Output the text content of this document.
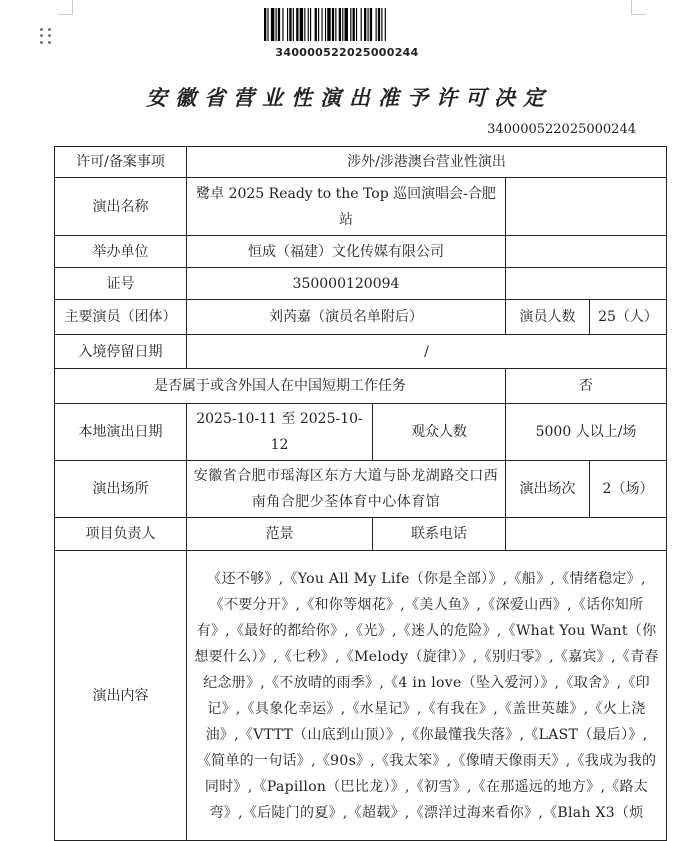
340000522025000244
安徽省营业性演出准予许可决定
340000522025000244
许可/备案事项	涉外/涉港澳台营业性演出			
演出名称	鹭卓 2025 Ready to the Top 巡回演唱会-合肥站			
举办单位	恒成（福建）文化传媒有限公司			
证号	350000120094			
主要演员（团体）	刘芮嘉（演员名单附后）		演员人数	25（人）
入境停留日期	/			
是否属于或含外国人在中国短期工作任务			否	
本地演出日期	2025-10-11 至 2025-10-12	观众人数	5000 人以上/场	
演出场所	安徽省合肥市瑶海区东方大道与卧龙湖路交口西南角合肥少荃体育中心体育馆		演出场次	2（场）
项目负责人	范景	联系电话		
演出内容	《还不够》,《You All My Life（你是全部）》,《船》,《情绪稳定》,《不要分开》,《和你等烟花》,《美人鱼》,《深爱山西》,《话你知所有》,《最好的都给你》,《光》,《迷人的危险》,《What You Want（你想要什么）》,《七秒》,《Melody（旋律）》,《别归零》,《嘉宾》,《青春纪念册》,《不放晴的雨季》,《4 in love（坠入爱河）》,《取舍》,《印记》,《具象化幸运》,《水星记》,《有我在》,《盖世英雄》,《火上浇油》,《VTTT（山底到山顶）》,《你最懂我失落》,《LAST（最后）》,《简单的一句话》,《90s》,《我太笨》,《像晴天像雨天》,《我成为我的同时》,《Papillon（巴比龙）》,《初雪》,《在那遥远的地方》,《路太弯》,《后陡门的夏》,《超载》,《漂洋过海来看你》,《Blah X3（烦			
